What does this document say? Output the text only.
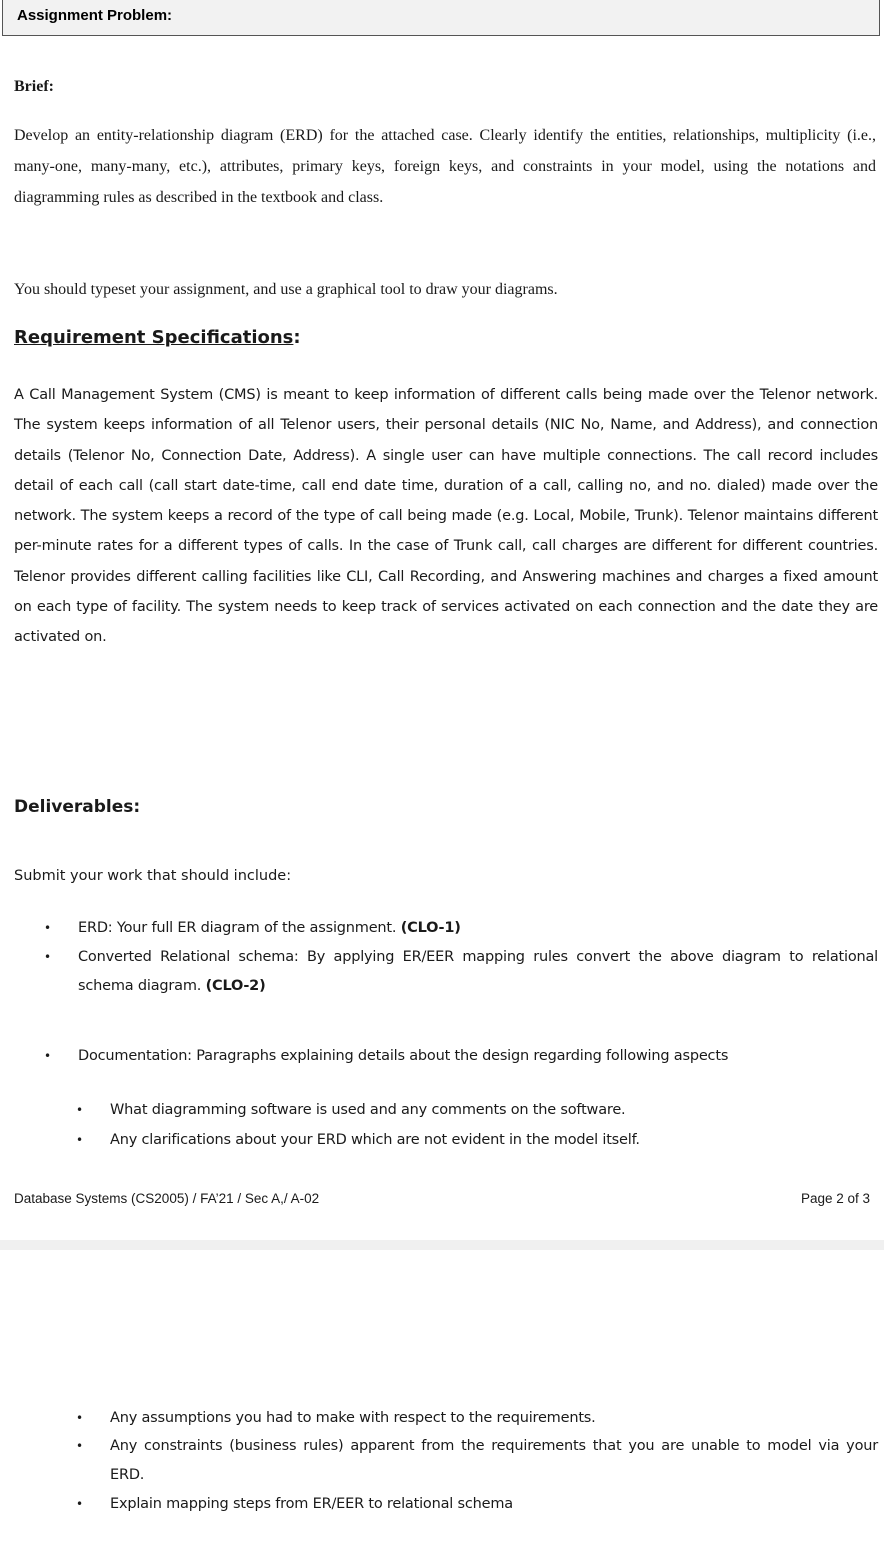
Assignment Problem:
Brief:

Develop an entity-relationship diagram (ERD) for the attached case. Clearly identify the entities, relationships, multiplicity (i.e., many-one, many-many, etc.), attributes, primary keys, foreign keys, and constraints in your model, using the notations and diagramming rules as described in the textbook and class.

You should typeset your assignment, and use a graphical tool to draw your diagrams.

Requirement Specifications:

A Call Management System (CMS) is meant to keep information of different calls being made over the Telenor network. The system keeps information of all Telenor users, their personal details (NIC No, Name, and Address), and connection details (Telenor No, Connection Date, Address). A single user can have multiple connections. The call record includes detail of each call (call start date-time, call end date time, duration of a call, calling no, and no. dialed) made over the network. The system keeps a record of the type of call being made (e.g. Local, Mobile, Trunk). Telenor maintains different per-minute rates for a different types of calls. In the case of Trunk call, call charges are different for different countries. Telenor provides different calling facilities like CLI, Call Recording, and Answering machines and charges a fixed amount on each type of facility. The system needs to keep track of services activated on each connection and the date they are activated on.

Deliverables:
Submit your work that should include:
• ERD: Your full ER diagram of the assignment. (CLO-1)
• Converted Relational schema: By applying ER/EER mapping rules convert the above diagram to relational schema diagram. (CLO-2)
• Documentation: Paragraphs explaining details about the design regarding following aspects
• What diagramming software is used and any comments on the software.
• Any clarifications about your ERD which are not evident in the model itself.
Database Systems (CS2005) / FA’21 / Sec A,/ A-02	Page 2 of 3
• Any assumptions you had to make with respect to the requirements.
• Any constraints (business rules) apparent from the requirements that you are unable to model via your ERD.
• Explain mapping steps from ER/EER to relational schema
